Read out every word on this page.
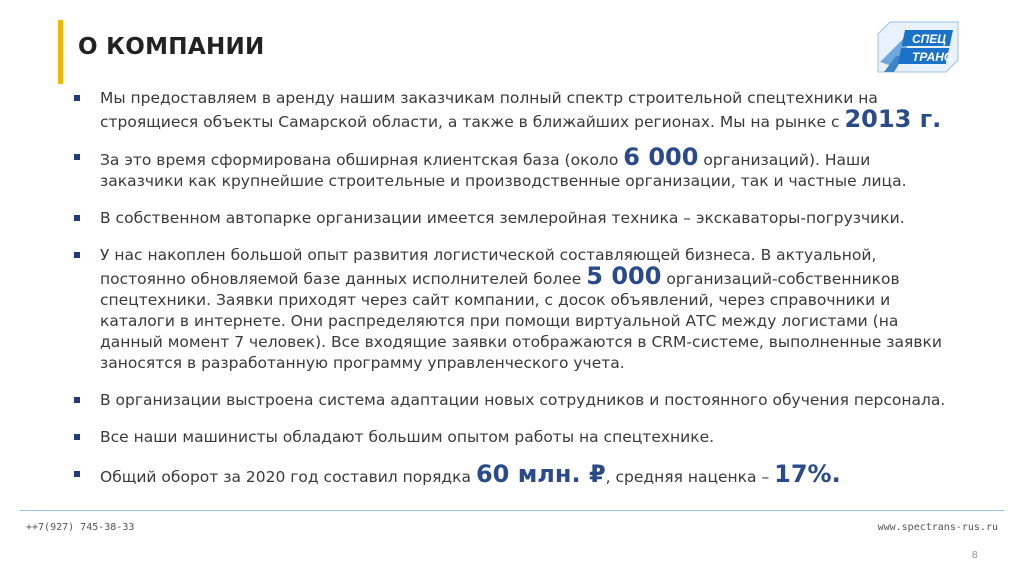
О КОМПАНИИ	СПЕЦ
ТРАНС
Мы предоставляем в аренду нашим заказчикам полный спектр строительной спецтехники на строящиеся объекты Самарской области, а также в ближайших регионах. Мы на рынке с 2013 г.
За это время сформирована обширная клиентская база (около 6 000 организаций). Наши заказчики как крупнейшие строительные и производственные организации, так и частные лица.
В собственном автопарке организации имеется землеройная техника – экскаваторы-погрузчики.
У нас накоплен большой опыт развития логистической составляющей бизнеса. В актуальной, постоянно обновляемой базе данных исполнителей более 5 000 организаций-собственников спецтехники. Заявки приходят через сайт компании, с досок объявлений, через справочники и каталоги в интернете. Они распределяются при помощи виртуальной АТС между логистами (на данный момент 7 человек). Все входящие заявки отображаются в CRM-системе, выполненные заявки заносятся в разработанную программу управленческого учета.
В организации выстроена система адаптации новых сотрудников и постоянного обучения персонала.
Все наши машинисты обладают большим опытом работы на спецтехнике.
Общий оборот за 2020 год составил порядка 60 млн. ₽, средняя наценка – 17%.
++7(927) 745-38-33	www.spectrans-rus.ru
8
